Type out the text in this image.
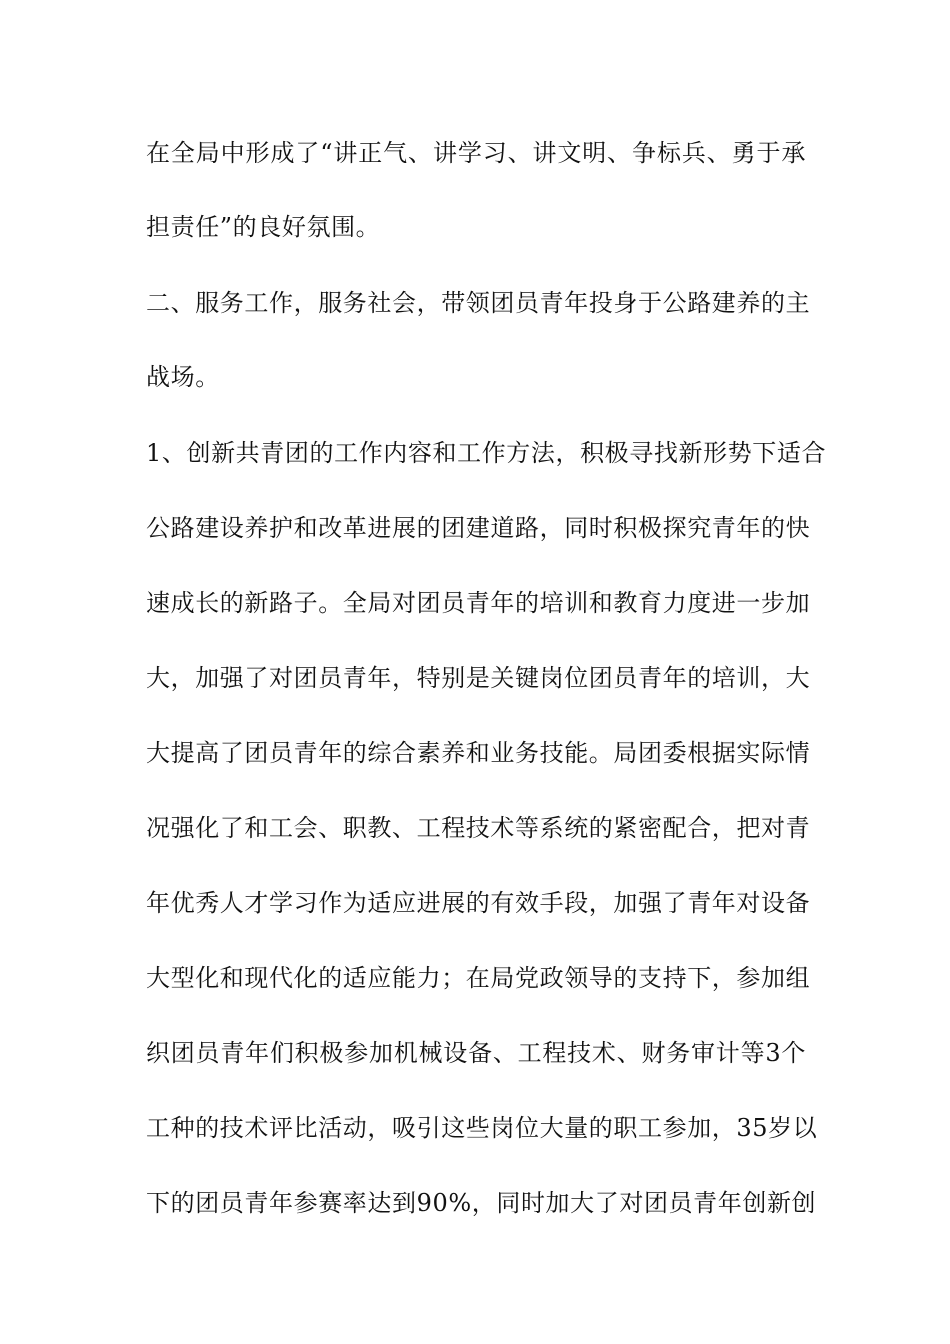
在全局中形成了“讲正气、讲学习、讲文明、争标兵、勇于承
担责任”的良好氛围。
二、服务工作，服务社会，带领团员青年投身于公路建养的主
战场。
1、创新共青团的工作内容和工作方法，积极寻找新形势下适合
公路建设养护和改革进展的团建道路，同时积极探究青年的快
速成长的新路子。全局对团员青年的培训和教育力度进一步加
大，加强了对团员青年，特别是关键岗位团员青年的培训，大
大提高了团员青年的综合素养和业务技能。局团委根据实际情
况强化了和工会、职教、工程技术等系统的紧密配合，把对青
年优秀人才学习作为适应进展的有效手段，加强了青年对设备
大型化和现代化的适应能力；在局党政领导的支持下，参加组
织团员青年们积极参加机械设备、工程技术、财务审计等3个
工种的技术评比活动，吸引这些岗位大量的职工参加，35岁以
下的团员青年参赛率达到90%，同时加大了对团员青年创新创
